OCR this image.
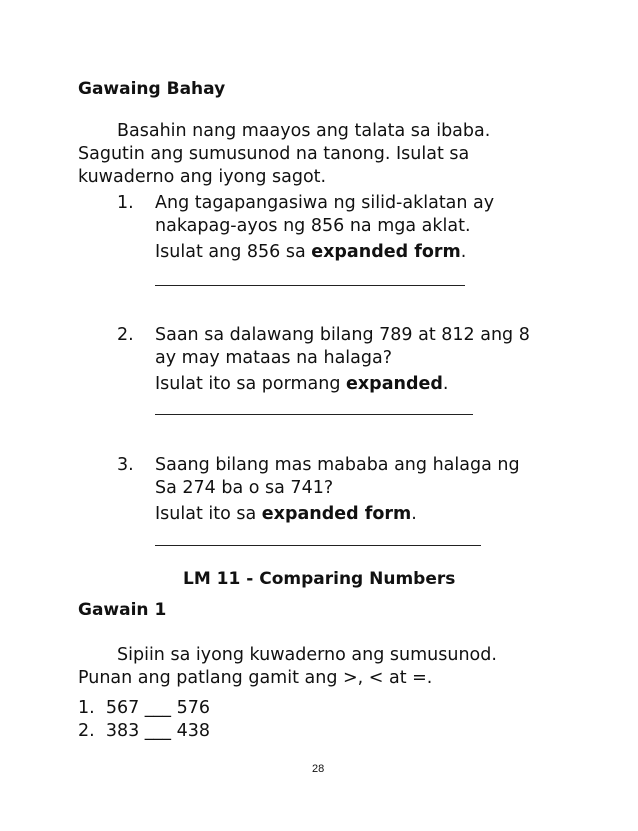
Gawaing Bahay
Basahin nang maayos ang talata sa ibaba.
Sagutin ang sumusunod na tanong. Isulat sa
kuwaderno ang iyong sagot.
1.	Ang tagapangasiwa ng silid-aklatan ay
nakapag-ayos ng 856 na mga aklat.
Isulat ang 856 sa expanded form.
2.	Saan sa dalawang bilang 789 at 812 ang 8
ay may mataas na halaga?
Isulat ito sa pormang expanded.
3.	Saang bilang mas mababa ang halaga ng
Sa 274 ba o sa 741?
Isulat ito sa expanded form.
LM 11 - Comparing Numbers
Gawain 1
Sipiin sa iyong kuwaderno ang sumusunod.
Punan ang patlang gamit ang >, < at =.
1.  567 ___ 576
2.  383 ___ 438
28
